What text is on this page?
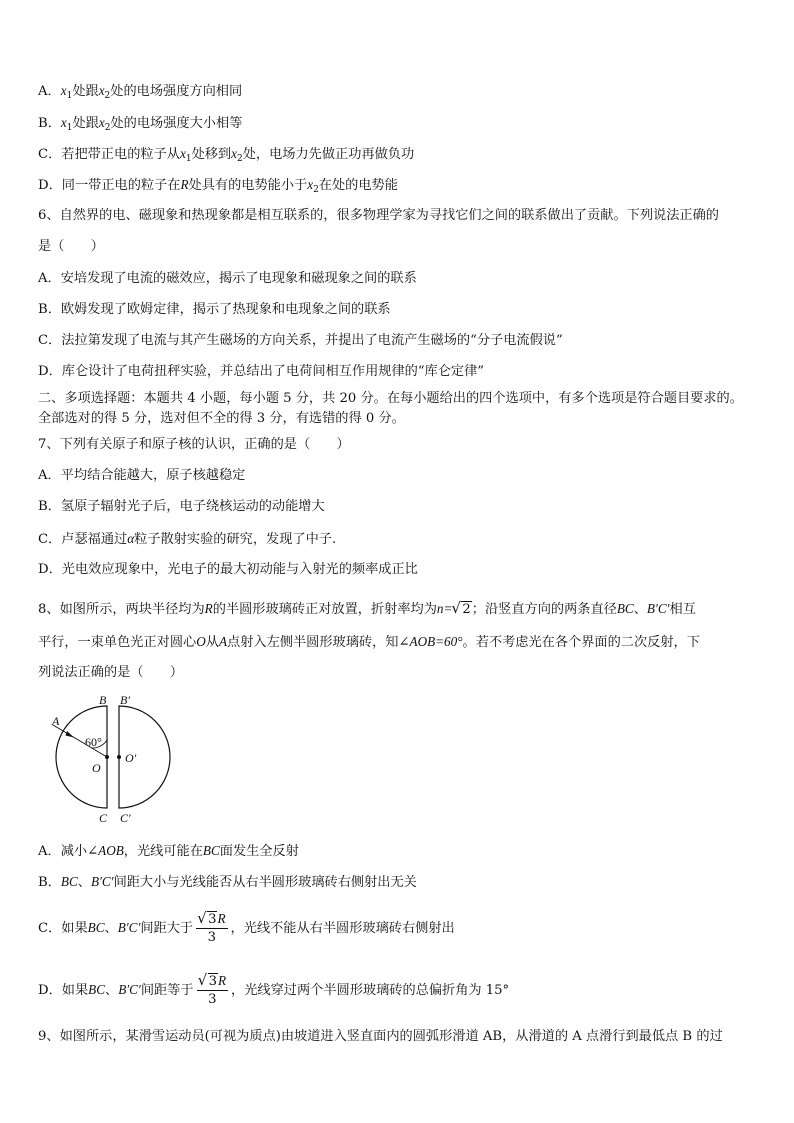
A．$x_1$处跟$x_2$处的电场强度方向相同
B．$x_1$处跟$x_2$处的电场强度大小相等
C．若把带正电的粒子从$x_1$处移到$x_2$处，电场力先做正功再做负功
D．同一带正电的粒子在R处具有的电势能小于$x_2$在处的电势能
6、自然界的电、磁现象和热现象都是相互联系的，很多物理学家为寻找它们之间的联系做出了贡献。下列说法正确的
是（　　）
A．安培发现了电流的磁效应，揭示了电现象和磁现象之间的联系
B．欧姆发现了欧姆定律，揭示了热现象和电现象之间的联系
C．法拉第发现了电流与其产生磁场的方向关系，并提出了电流产生磁场的“分子电流假说”
D．库仑设计了电荷扭秤实验，并总结出了电荷间相互作用规律的“库仑定律”
二、多项选择题：本题共 4 小题，每小题 5 分，共 20 分。在每小题给出的四个选项中，有多个选项是符合题目要求的。
全部选对的得 5 分，选对但不全的得 3 分，有选错的得 0 分。
7、下列有关原子和原子核的认识，正确的是（　　）
A．平均结合能越大，原子核越稳定
B．氢原子辐射光子后，电子绕核运动的动能增大
C．卢瑟福通过α粒子散射实验的研究，发现了中子.
D．光电效应现象中，光电子的最大初动能与入射光的频率成正比
8、如图所示，两块半径均为R的半圆形玻璃砖正对放置，折射率均为n= √ 2；沿竖直方向的两条直径BC、B′C′相互
平行，一束单色光正对圆心O从A点射入左侧半圆形玻璃砖，知∠AOB=60°。若不考虑光在各个界面的二次反射，下
列说法正确的是（　　）
A
B B′
60°
O
O′
C C′
A．减小∠AOB，光线可能在BC面发生全反射
B．BC、B′C′间距大小与光线能否从右半圆形玻璃砖右侧射出无关
C．如果BC、B′C′间距大于 √ $\frac{3R}{3}$ ，光线不能从右半圆形玻璃砖右侧射出
D．如果BC、B′C′间距等于 √ $\frac{3R}{3}$ ，光线穿过两个半圆形玻璃砖的总偏折角为 15°
9、如图所示，某滑雪运动员(可视为质点)由坡道进入竖直面内的圆弧形滑道 AB，从滑道的 A 点滑行到最低点 B 的过
